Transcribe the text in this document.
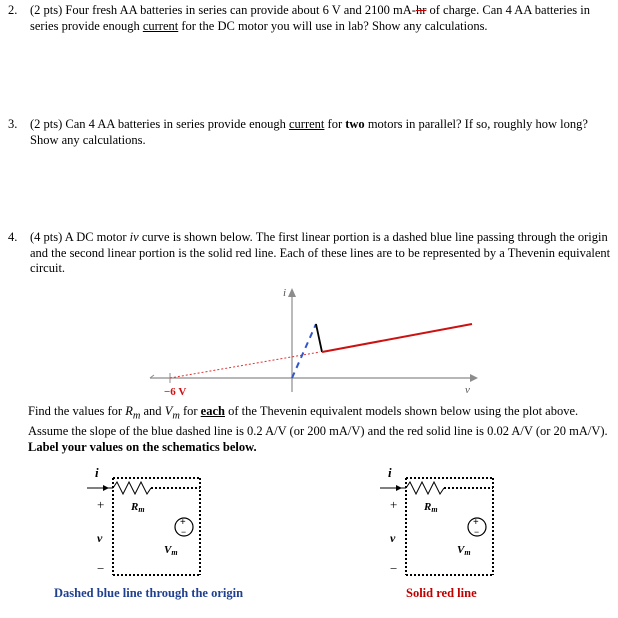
2. (2 pts) Four fresh AA batteries in series can provide about 6 V and 2100 mA-hr of charge. Can 4 AA batteries in series provide enough current for the DC motor you will use in lab? Show any calculations.
3. (2 pts) Can 4 AA batteries in series provide enough current for two motors in parallel? If so, roughly how long? Show any calculations.
4. (4 pts) A DC motor iv curve is shown below. The first linear portion is a dashed blue line passing through the origin and the second linear portion is the solid red line. Each of these lines are to be represented by a Thevenin equivalent circuit.
i
v
−6 V
Find the values for $R_m$ and $V_m$ for each of the Thevenin equivalent models shown below using the plot above. Assume the slope of the blue dashed line is 0.2 A/V (or 200 mA/V) and the red solid line is 0.02 A/V (or 20 mA/V). Label your values on the schematics below.
i
Rm
+
−
Vm
+
v
−
i
Rm
+
−
Vm
+
v
−
Dashed blue line through the origin	Solid red line
